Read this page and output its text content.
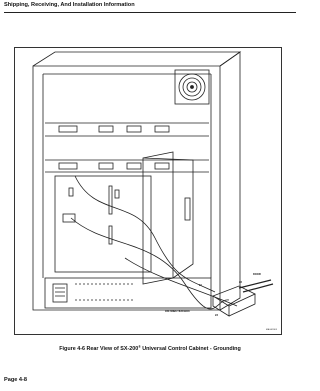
Shipping, Receiving, And Installation Information
DOOR
22
21
DISTRIBUTION BOX
23
MAG69303
Figure 4-6 Rear View of SX-200® Universal Control Cabinet - Grounding
Page 4-8
